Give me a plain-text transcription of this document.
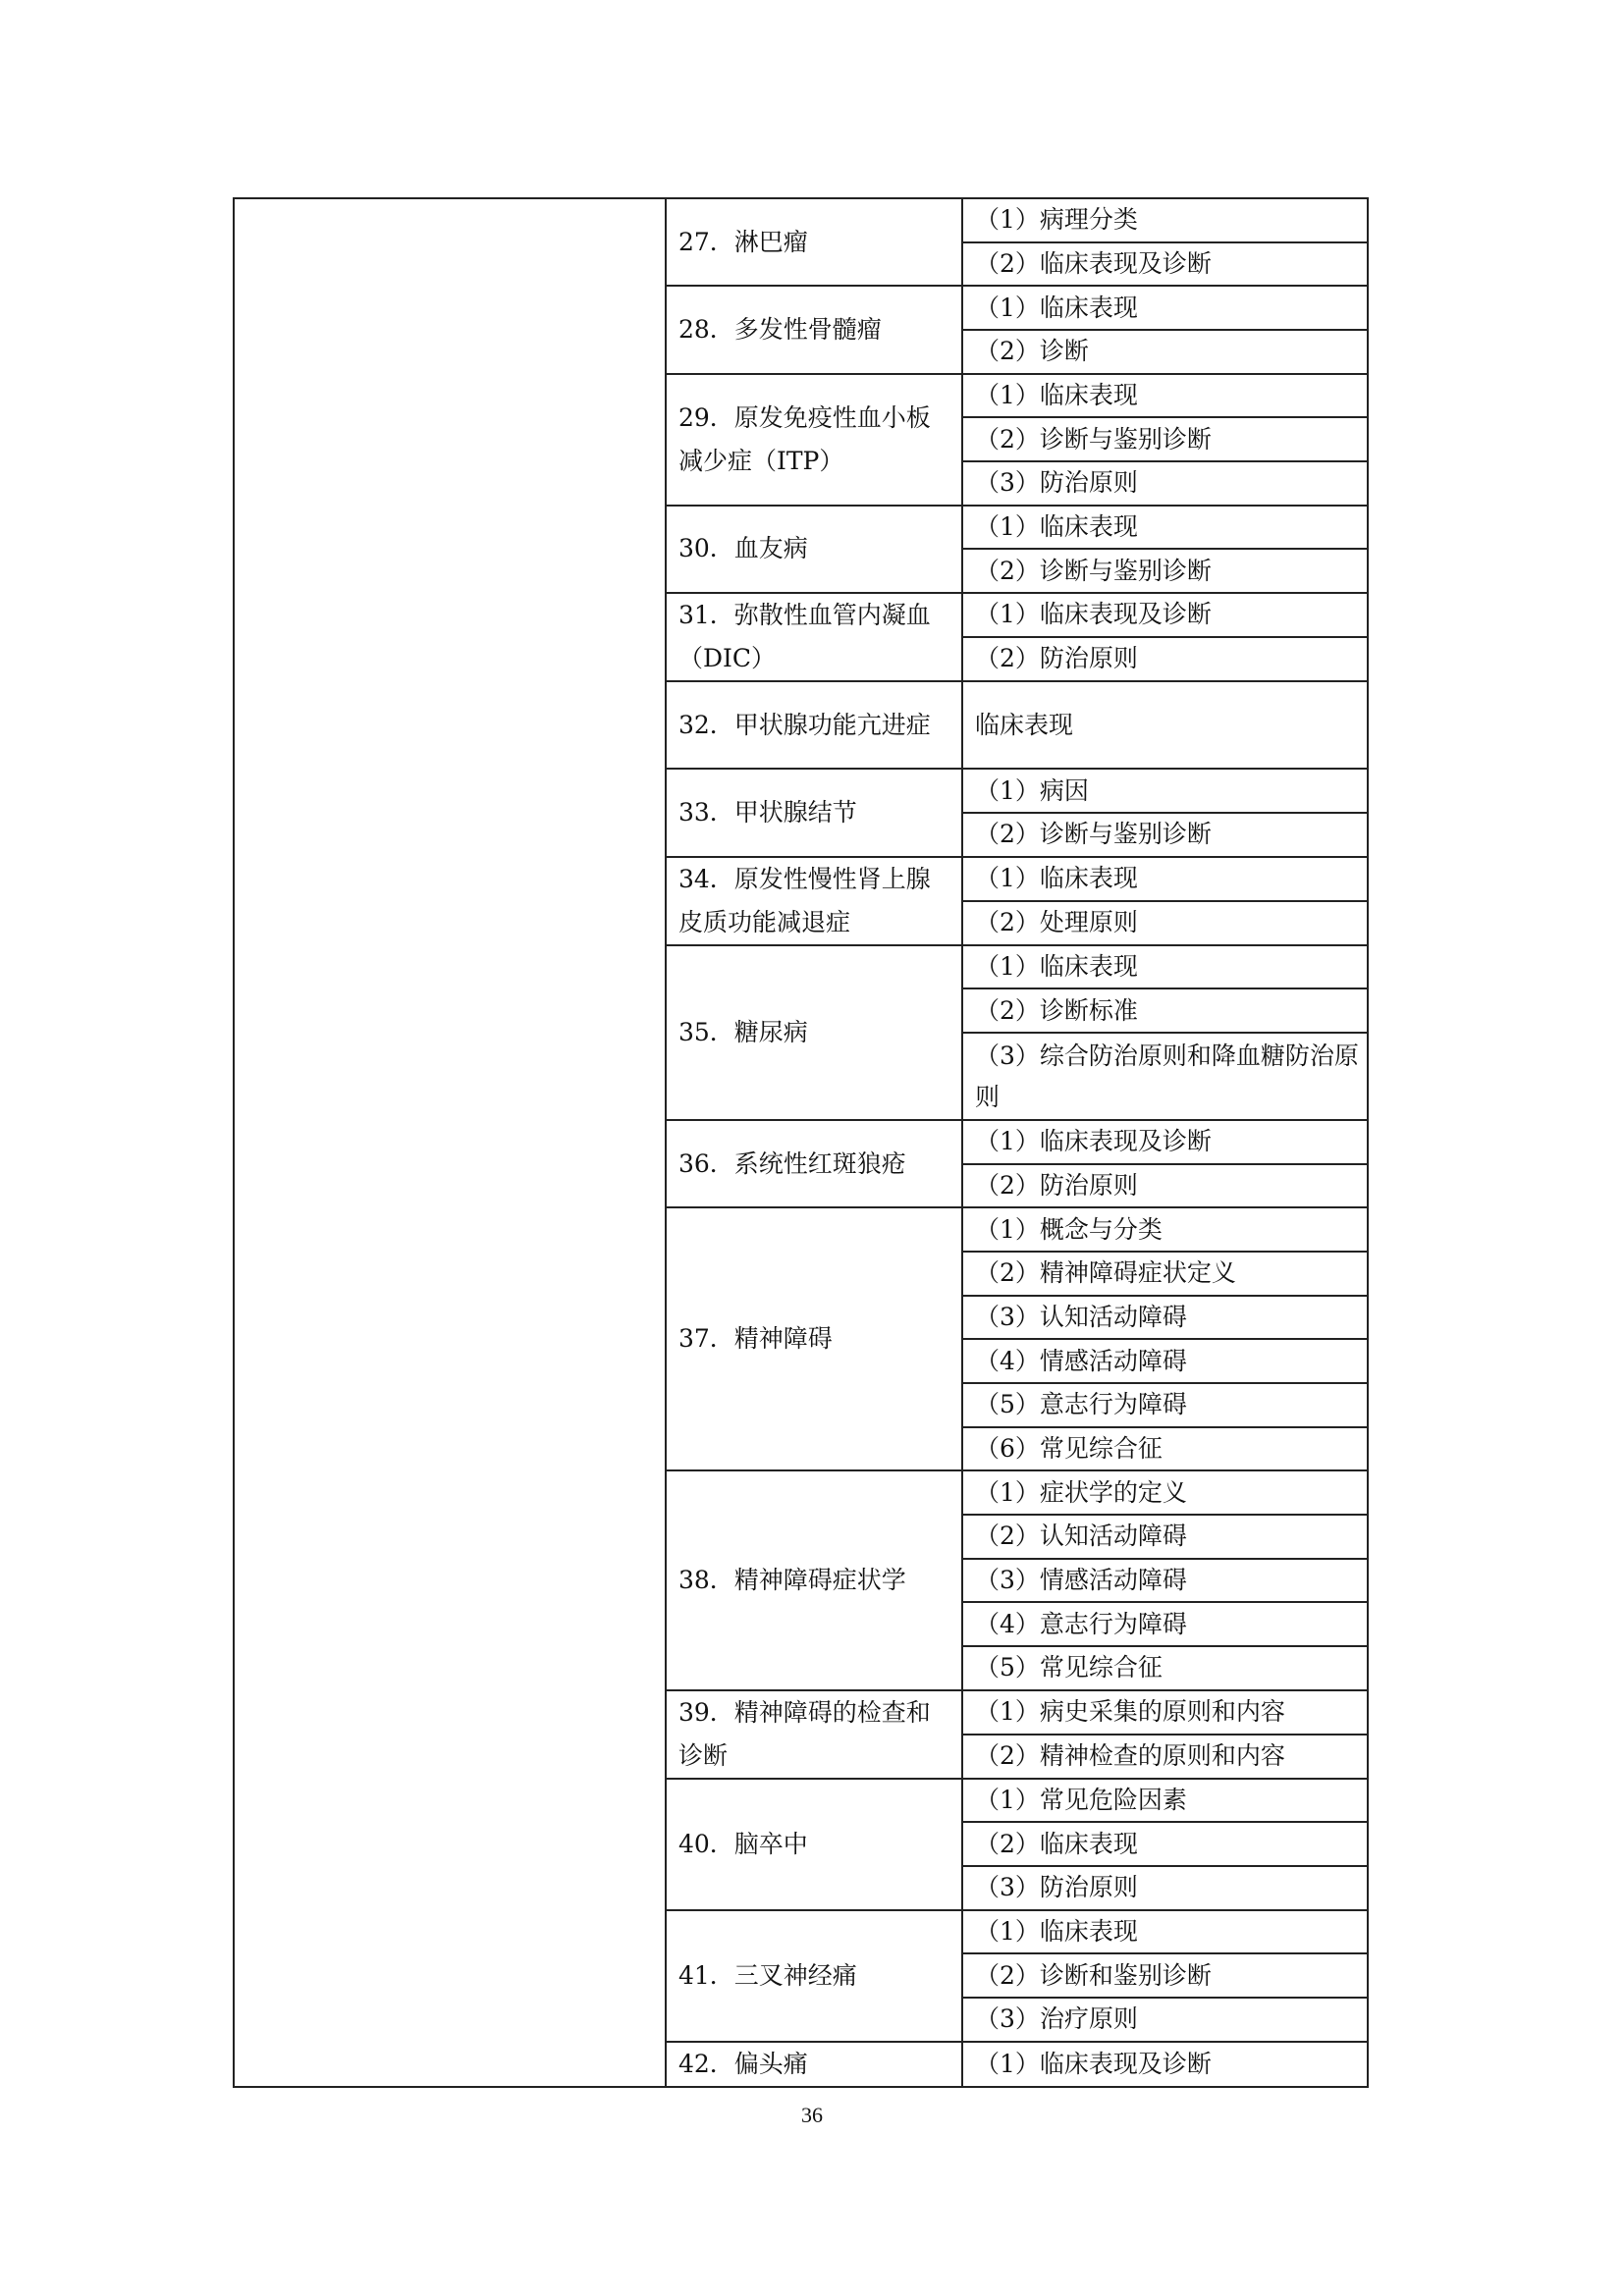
	27．淋巴瘤	（1）病理分类

		（2）临床表现及诊断

	28．多发性骨髓瘤	（1）临床表现

		（2）诊断

	29．原发免疫性血小板减少症（ITP）	（1）临床表现

		（2）诊断与鉴别诊断

		（3）防治原则

	30．血友病	（1）临床表现

		（2）诊断与鉴别诊断

	31．弥散性血管内凝血（DIC）	（1）临床表现及诊断

		（2）防治原则

	32．甲状腺功能亢进症	临床表现

	33．甲状腺结节	（1）病因

		（2）诊断与鉴别诊断

	34．原发性慢性肾上腺皮质功能减退症	（1）临床表现

		（2）处理原则

	35．糖尿病	（1）临床表现

		（2）诊断标准

		（3）综合防治原则和降血糖防治原则

	36．系统性红斑狼疮	（1）临床表现及诊断

		（2）防治原则

	37．精神障碍	（1）概念与分类

		（2）精神障碍症状定义

		（3）认知活动障碍

		（4）情感活动障碍

		（5）意志行为障碍

		（6）常见综合征

	38．精神障碍症状学	（1）症状学的定义

		（2）认知活动障碍

		（3）情感活动障碍

		（4）意志行为障碍

		（5）常见综合征

	39．精神障碍的检查和诊断	（1）病史采集的原则和内容

		（2）精神检查的原则和内容

	40．脑卒中	（1）常见危险因素

		（2）临床表现

		（3）防治原则

	41．三叉神经痛	（1）临床表现

		（2）诊断和鉴别诊断

		（3）治疗原则

	42．偏头痛	（1）临床表现及诊断
36
